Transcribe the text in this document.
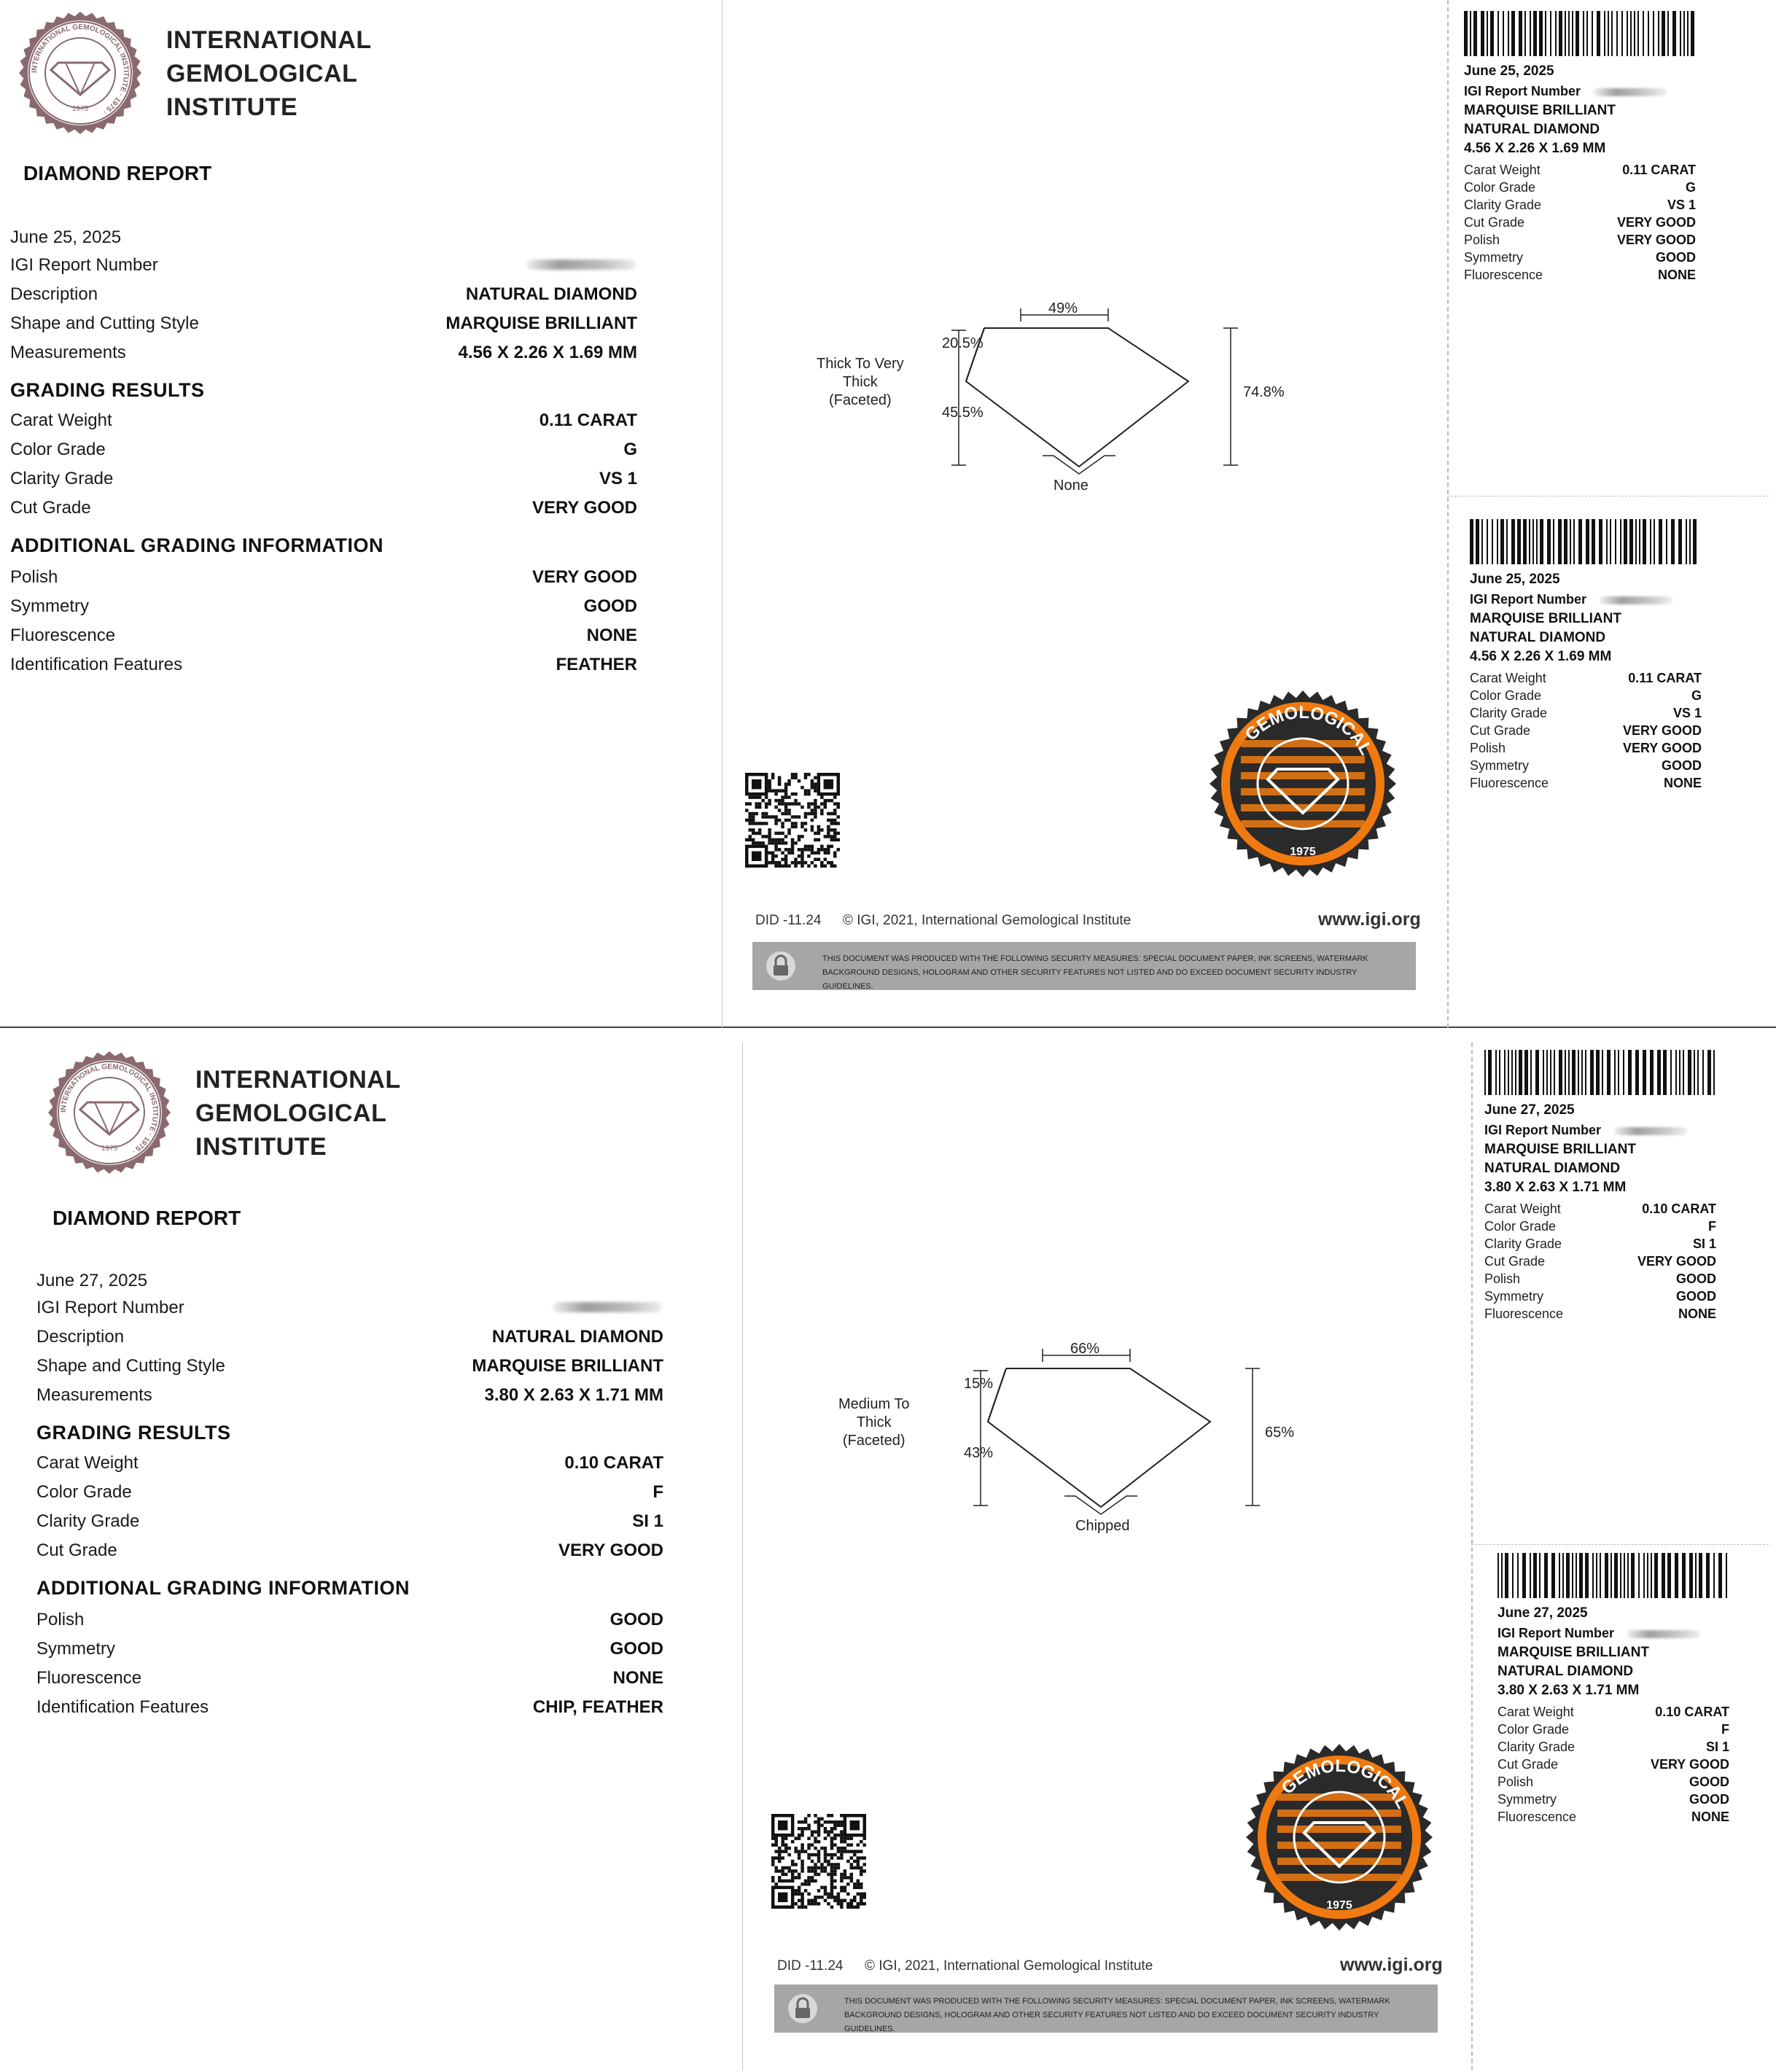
INTERNATIONAL GEMOLOGICAL INSTITUTE · 1975 ·
1975
INTERNATIONAL
GEMOLOGICAL
INSTITUTE
DIAMOND REPORT
June 25, 2025
IGI Report Number
Description	NATURAL DIAMOND
Shape and Cutting Style	MARQUISE BRILLIANT
Measurements	4.56 X 2.26 X 1.69 MM
GRADING RESULTS
Carat Weight	0.11 CARAT
Color Grade	G
Clarity Grade	VS 1
Cut Grade	VERY GOOD
ADDITIONAL GRADING INFORMATION
Polish	VERY GOOD
Symmetry	GOOD
Fluorescence	NONE
Identification Features	FEATHER
49%
20.5%
45.5%
74.8%
Thick To Very
Thick
(Faceted)
None
GEMOLOGICAL
1975
DID -11.24 © IGI, 2021, International Gemological Institute	www.igi.org
THIS DOCUMENT WAS PRODUCED WITH THE FOLLOWING SECURITY MEASURES: SPECIAL DOCUMENT PAPER, INK SCREENS, WATERMARK
BACKGROUND DESIGNS, HOLOGRAM AND OTHER SECURITY FEATURES NOT LISTED AND DO EXCEED DOCUMENT SECURITY INDUSTRY GUIDELINES.
June 25, 2025
IGI Report Number
MARQUISE BRILLIANT
NATURAL DIAMOND
4.56 X 2.26 X 1.69 MM
Carat Weight	0.11 CARAT
Color Grade	G
Clarity Grade	VS 1
Cut Grade	VERY GOOD
Polish	VERY GOOD
Symmetry	GOOD
Fluorescence	NONE
June 25, 2025
IGI Report Number
MARQUISE BRILLIANT
NATURAL DIAMOND
4.56 X 2.26 X 1.69 MM
Carat Weight	0.11 CARAT
Color Grade	G
Clarity Grade	VS 1
Cut Grade	VERY GOOD
Polish	VERY GOOD
Symmetry	GOOD
Fluorescence	NONE
INTERNATIONAL GEMOLOGICAL INSTITUTE · 1975 ·
1975
INTERNATIONAL
GEMOLOGICAL
INSTITUTE
DIAMOND REPORT
June 27, 2025
IGI Report Number
Description	NATURAL DIAMOND
Shape and Cutting Style	MARQUISE BRILLIANT
Measurements	3.80 X 2.63 X 1.71 MM
GRADING RESULTS
Carat Weight	0.10 CARAT
Color Grade	F
Clarity Grade	SI 1
Cut Grade	VERY GOOD
ADDITIONAL GRADING INFORMATION
Polish	GOOD
Symmetry	GOOD
Fluorescence	NONE
Identification Features	CHIP, FEATHER
66%
15%
43%
65%
Medium To
Thick
(Faceted)
Chipped
GEMOLOGICAL
1975
DID -11.24 © IGI, 2021, International Gemological Institute	www.igi.org
THIS DOCUMENT WAS PRODUCED WITH THE FOLLOWING SECURITY MEASURES: SPECIAL DOCUMENT PAPER, INK SCREENS, WATERMARK
BACKGROUND DESIGNS, HOLOGRAM AND OTHER SECURITY FEATURES NOT LISTED AND DO EXCEED DOCUMENT SECURITY INDUSTRY GUIDELINES.
June 27, 2025
IGI Report Number
MARQUISE BRILLIANT
NATURAL DIAMOND
3.80 X 2.63 X 1.71 MM
Carat Weight	0.10 CARAT
Color Grade	F
Clarity Grade	SI 1
Cut Grade	VERY GOOD
Polish	GOOD
Symmetry	GOOD
Fluorescence	NONE
June 27, 2025
IGI Report Number
MARQUISE BRILLIANT
NATURAL DIAMOND
3.80 X 2.63 X 1.71 MM
Carat Weight	0.10 CARAT
Color Grade	F
Clarity Grade	SI 1
Cut Grade	VERY GOOD
Polish	GOOD
Symmetry	GOOD
Fluorescence	NONE
